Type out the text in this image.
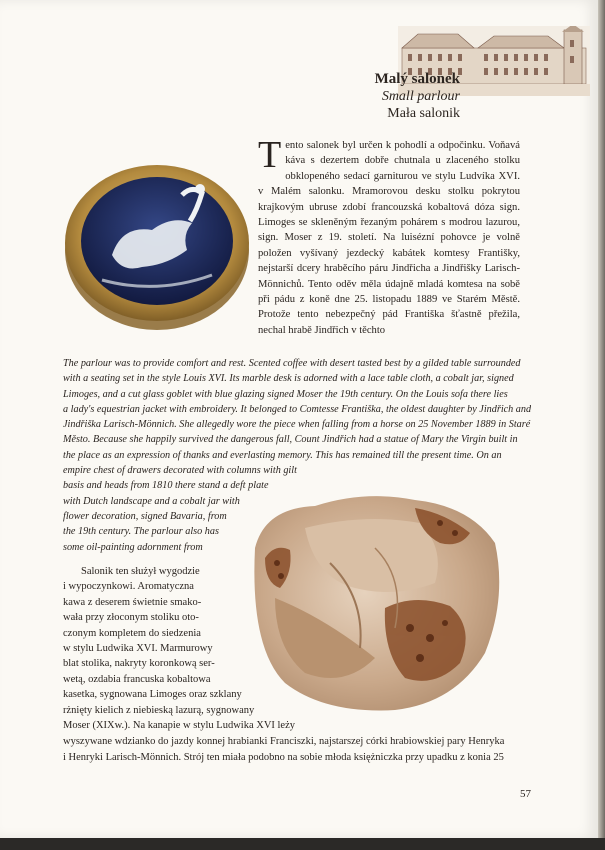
Malý salonek
Small parlour
Mała salonik
T ento salonek byl určen k pohodlí a odpočinku. Voňavá káva s dezertem dobře chutnala u zlaceného stolku obklopeného sedací garniturou ve stylu Ludvíka XVI. v Malém salonku. Mramorovou desku stolku pokrytou krajkovým ubruse zdobí francouzská kobaltová dóza sign. Limoges se skleněným řezaným pohárem s modrou lazurou, sign. Moser z 19. století. Na luisézní pohovce je volně položen vyšívaný jezdecký kabátek komtesy Františky, nejstarší dcery hraběcího páru Jindřicha a Jindřišky Larisch-Mönnichů. Tento oděv měla údajně mladá komtesa na sobě při pádu z koně dne 25. listopadu 1889 ve Starém Městě. Protože tento nebezpečný pád Františka šťastně přežila, nechal hrabě Jindřich v těchto
The parlour was to provide comfort and rest. Scented coffee with desert tasted best by a gilded table surrounded
with a seating set in the style Louis XVI. Its marble desk is adorned with a lace table cloth, a cobalt jar, signed
Limoges, and a cut glass goblet with blue glazing signed Moser the 19th century. On the Louis sofa there lies
a lady's equestrian jacket with embroidery. It belonged to Comtesse Františka, the oldest daughter by Jindřich and
Jindřiška Larisch-Mönnich. She allegedly wore the piece when falling from a horse on 25 November 1889 in Staré
Město. Because she happily survived the dangerous fall, Count Jindřich had a statue of Mary the Virgin built in
the place as an expression of thanks and everlasting memory. This has remained till the present time. On an
empire chest of drawers decorated with columns with gilt
basis and heads from 1810 there stand a deft plate
with Dutch landscape and a cobalt jar with
flower decoration, signed Bavaria, from
the 19th century. The parlour also has
some oil-painting adornment from
Salonik ten służył wygodzie
i wypoczynkowi. Aromatyczna
kawa z deserem świetnie smako-
wała przy złoconym stoliku oto-
czonym kompletem do siedzenia
w stylu Ludwika XVI. Marmurowy
blat stolika, nakryty koronkową ser-
wetą, ozdabia francuska kobaltowa
kasetka, sygnowana Limoges oraz szklany
rżnięty kielich z niebieską lazurą, sygnowany
Moser (XIXw.). Na kanapie w stylu Ludwika XVI leży
wyszywane wdzianko do jazdy konnej hrabianki Franciszki, najstarszej córki hrabiowskiej pary Henryka
i Henryki Larisch-Mönnich. Strój ten miała podobno na sobie młoda księżniczka przy upadku z konia 25
57
